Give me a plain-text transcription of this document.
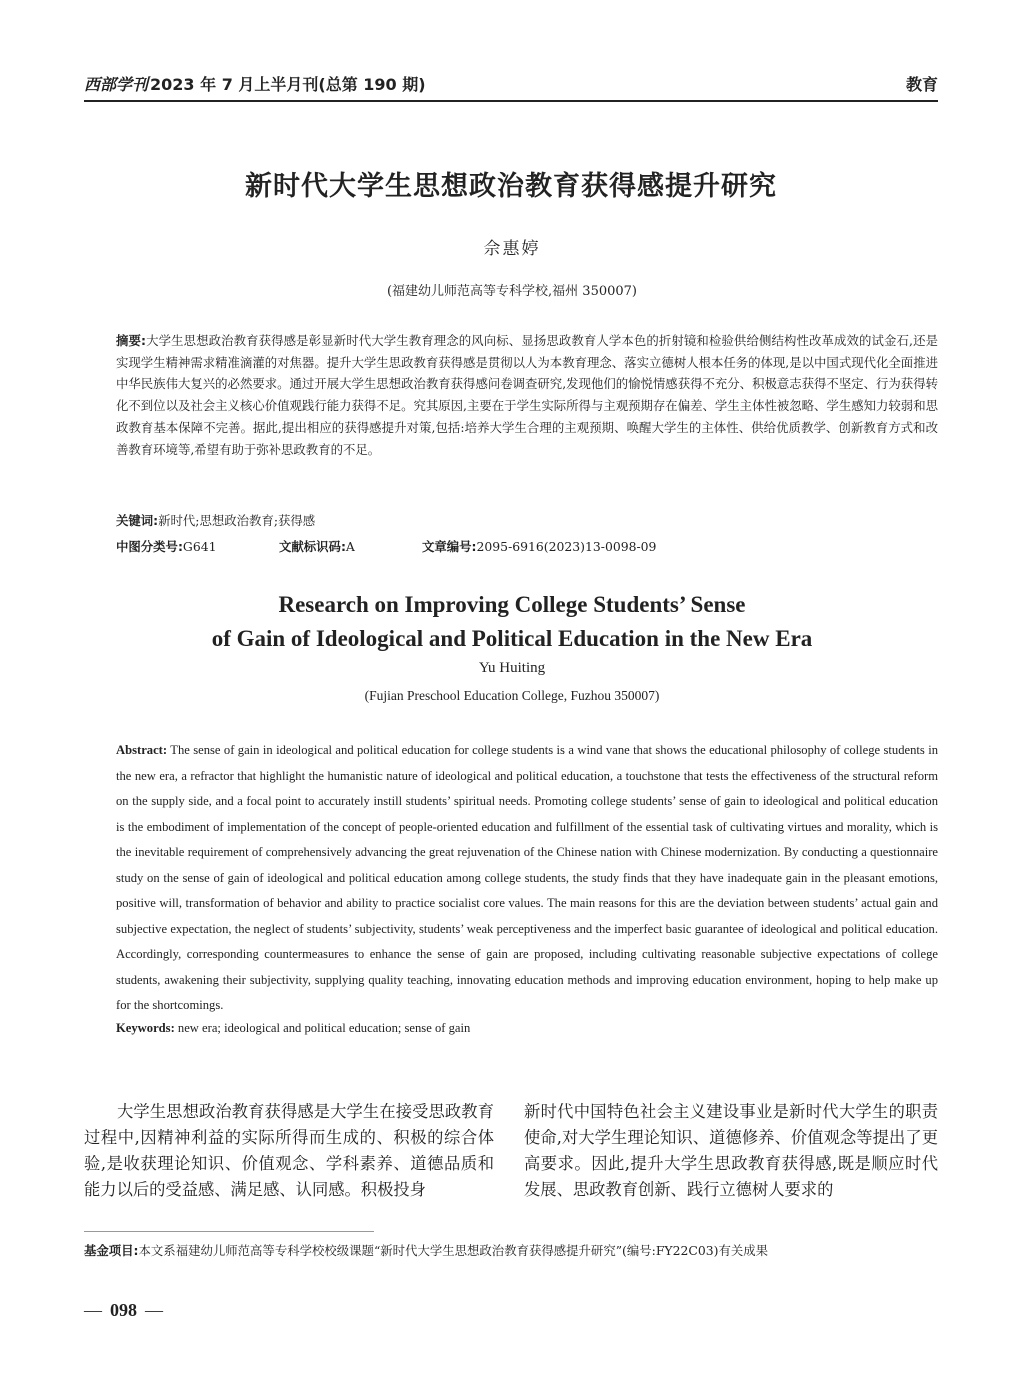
西部学刊 2023 年 7 月上半月刊(总第 190 期)	教育
新时代大学生思想政治教育获得感提升研究
佘惠婷
(福建幼儿师范高等专科学校,福州 350007)

摘要:大学生思想政治教育获得感是彰显新时代大学生教育理念的风向标、显扬思政教育人学本色的折射镜和检验供给侧结构性改革成效的试金石,还是实现学生精神需求精准滴灌的对焦器。提升大学生思政教育获得感是贯彻以人为本教育理念、落实立德树人根本任务的体现,是以中国式现代化全面推进中华民族伟大复兴的必然要求。通过开展大学生思想政治教育获得感问卷调查研究,发现他们的愉悦情感获得不充分、积极意志获得不坚定、行为获得转化不到位以及社会主义核心价值观践行能力获得不足。究其原因,主要在于学生实际所得与主观预期存在偏差、学生主体性被忽略、学生感知力较弱和思政教育基本保障不完善。据此,提出相应的获得感提升对策,包括:培养大学生合理的主观预期、唤醒大学生的主体性、供给优质教学、创新教育方式和改善教育环境等,希望有助于弥补思政教育的不足。

关键词:新时代;思想政治教育;获得感
中图分类号:G641	文献标识码:A	文章编号:2095-6916(2023)13-0098-09
Research on Improving College Students’ Sense
of Gain of Ideological and Political Education in the New Era
Yu Huiting
(Fujian Preschool Education College, Fuzhou 350007)

Abstract: The sense of gain in ideological and political education for college students is a wind vane that shows the educational philosophy of college students in the new era, a refractor that highlight the humanistic nature of ideological and political education, a touchstone that tests the effectiveness of the structural reform on the supply side, and a focal point to accurately instill students’ spiritual needs. Promoting college students’ sense of gain to ideological and political education is the embodiment of implementation of the concept of people-oriented education and fulfillment of the essential task of cultivating virtues and morality, which is the inevitable requirement of comprehensively advancing the great rejuvenation of the Chinese nation with Chinese modernization. By conducting a questionnaire study on the sense of gain of ideological and political education among college students, the study finds that they have inadequate gain in the pleasant emotions, positive will, transformation of behavior and ability to practice socialist core values. The main reasons for this are the deviation between students’ actual gain and subjective expectation, the neglect of students’ subjectivity, students’ weak perceptiveness and the imperfect basic guarantee of ideological and political education. Accordingly, corresponding countermeasures to enhance the sense of gain are proposed, including cultivating reasonable subjective expectations of college students, awakening their subjectivity, supplying quality teaching, innovating education methods and improving education environment, hoping to help make up for the shortcomings.

Keywords: new era; ideological and political education; sense of gain

大学生思想政治教育获得感是大学生在接受思政教育过程中,因精神利益的实际所得而生成的、积极的综合体验,是收获理论知识、价值观念、学科素养、道德品质和能力以后的受益感、满足感、认同感。积极投身

新时代中国特色社会主义建设事业是新时代大学生的职责使命,对大学生理论知识、道德修养、价值观念等提出了更高要求。因此,提升大学生思政教育获得感,既是顺应时代发展、思政教育创新、践行立德树人要求的

基金项目:本文系福建幼儿师范高等专科学校校级课题“新时代大学生思想政治教育获得感提升研究”(编号:FY22C03)有关成果

— 098 —
